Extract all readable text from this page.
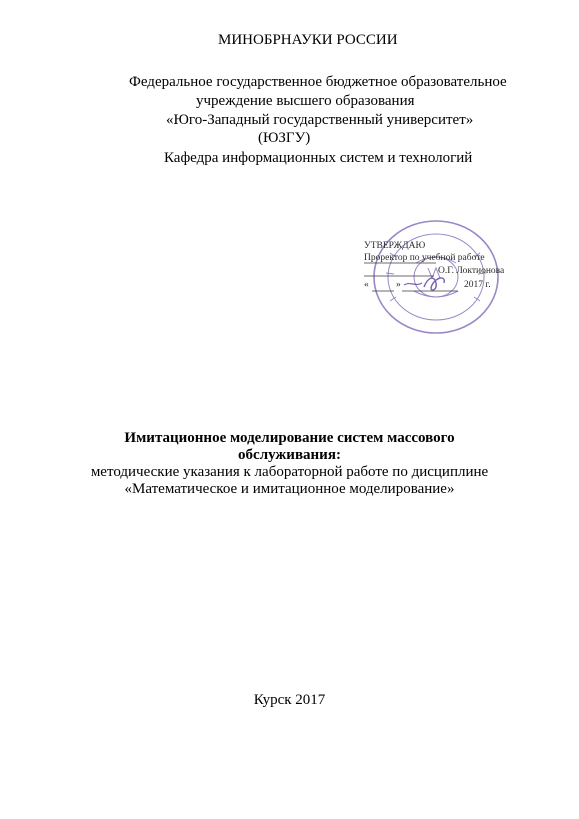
МИНОБРНАУКИ РОССИИ
Федеральное государственное бюджетное образовательное
учреждение высшего образования
«Юго-Западный государственный университет»
(ЮЗГУ)
Кафедра информационных систем и технологий
УТВЕРЖДАЮ
Проректор по учебной работе
О.Г. Локтионова
«	»	2017 г.
Имитационное моделирование систем массового
обслуживания:
методические указания к лабораторной работе по дисциплине
«Математическое и имитационное моделирование»
Курск 2017
